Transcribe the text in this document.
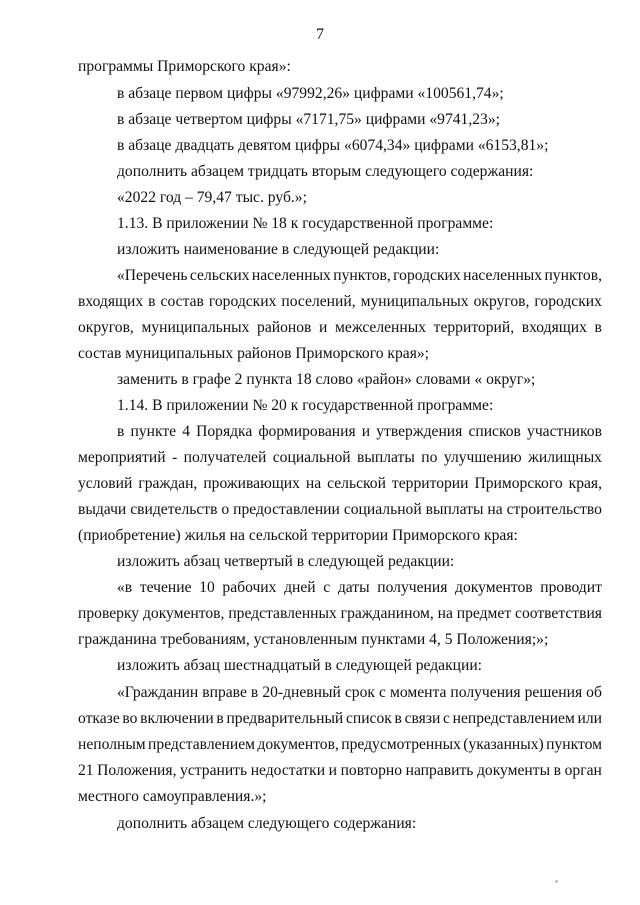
7
программы Приморского края»:
в абзаце первом цифры «97992,26» цифрами «100561,74»;
в абзаце четвертом цифры «7171,75» цифрами «9741,23»;
в абзаце двадцать девятом цифры «6074,34» цифрами «6153,81»;
дополнить абзацем тридцать вторым следующего содержания:
«2022 год – 79,47 тыс. руб.»;
1.13. В приложении № 18 к государственной программе:
изложить наименование в следующей редакции:
«Перечень сельских населенных пунктов, городских населенных пунктов,
входящих в состав городских поселений, муниципальных округов, городских
округов, муниципальных районов и межселенных территорий, входящих в
состав муниципальных районов Приморского края»;
заменить в графе 2 пункта 18 слово «район» словами « округ»;
1.14. В приложении № 20 к государственной программе:
в пункте 4 Порядка формирования и утверждения списков участников
мероприятий - получателей социальной выплаты по улучшению жилищных
условий граждан, проживающих на сельской территории Приморского края,
выдачи свидетельств о предоставлении социальной выплаты на строительство
(приобретение) жилья на сельской территории Приморского края:
изложить абзац четвертый в следующей редакции:
«в течение 10 рабочих дней с даты получения документов проводит
проверку документов, представленных гражданином, на предмет соответствия
гражданина требованиям, установленным пунктами 4, 5 Положения;»;
изложить абзац шестнадцатый в следующей редакции:
«Гражданин вправе в 20-дневный срок с момента получения решения об
отказе во включении в предварительный список в связи с непредставлением или
неполным представлением документов, предусмотренных (указанных) пунктом
21 Положения, устранить недостатки и повторно направить документы в орган
местного самоуправления.»;
дополнить абзацем следующего содержания:
